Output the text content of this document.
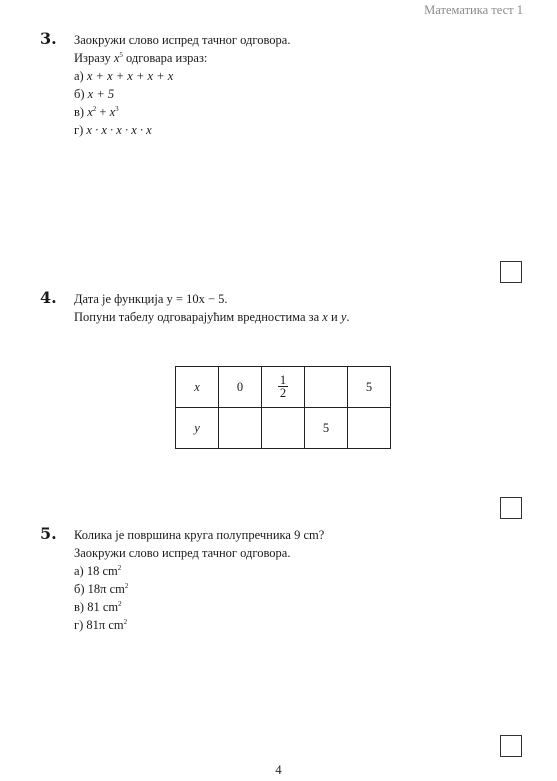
Математика тест 1
3. Заокружи слово испред тачног одговора.
Изразу $x^5$ одговара израз:
а) x + x + x + x + x
б) x + 5
в) $x^2 + x^3$
г) x · x · x · x · x
4. Дата је функција y = 10x − 5.
Попуни табелу одговарајућим вредностима за x и y.
x	0	$\frac{1}{2}$		5
y			5	
5. Колика је површина круга полупречника 9 cm?
Заокружи слово испред тачног одговора.
а) 18 $cm^2$
б) 18π $cm^2$
в) 81 $cm^2$
г) 81π $cm^2$
4
